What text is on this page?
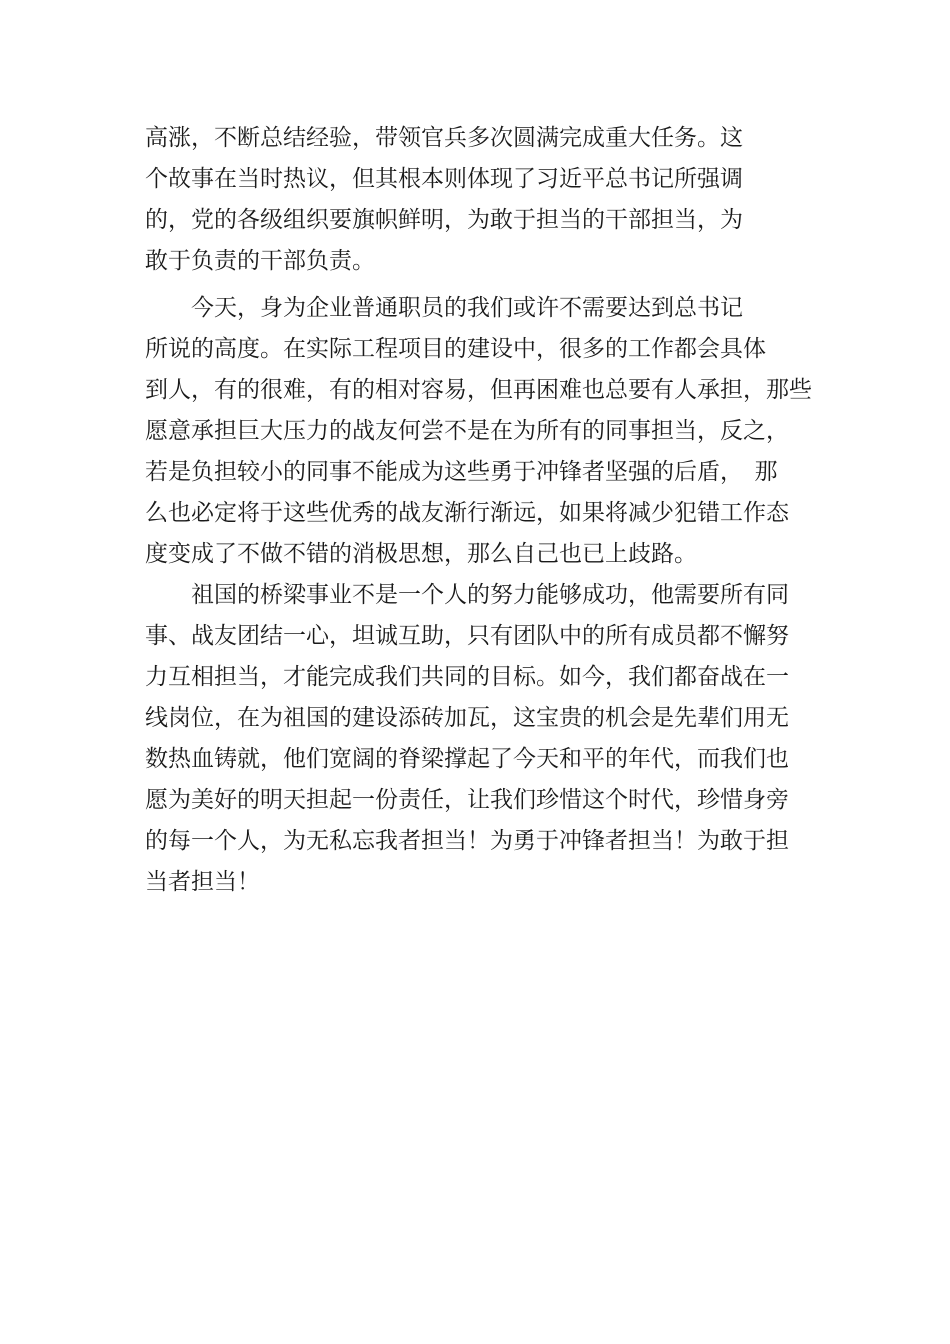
高涨，不断总结经验，带领官兵多次圆满完成重大任务。这
个故事在当时热议，但其根本则体现了习近平总书记所强调
的，党的各级组织要旗帜鲜明，为敢于担当的干部担当，为
敢于负责的干部负责。
　　今天，身为企业普通职员的我们或许不需要达到总书记
所说的高度。在实际工程项目的建设中，很多的工作都会具体
到人，有的很难，有的相对容易，但再困难也总要有人承担，那些
愿意承担巨大压力的战友何尝不是在为所有的同事担当，反之，
若是负担较小的同事不能成为这些勇于冲锋者坚强的后盾，　那
么也必定将于这些优秀的战友渐行渐远，如果将减少犯错工作态
度变成了不做不错的消极思想，那么自己也已上歧路。
　　祖国的桥梁事业不是一个人的努力能够成功，他需要所有同
事、战友团结一心，坦诚互助，只有团队中的所有成员都不懈努
力互相担当，才能完成我们共同的目标。如今，我们都奋战在一
线岗位，在为祖国的建设添砖加瓦，这宝贵的机会是先辈们用无
数热血铸就，他们宽阔的脊梁撑起了今天和平的年代，而我们也
愿为美好的明天担起一份责任，让我们珍惜这个时代，珍惜身旁
的每一个人，为无私忘我者担当！为勇于冲锋者担当！为敢于担
当者担当！
